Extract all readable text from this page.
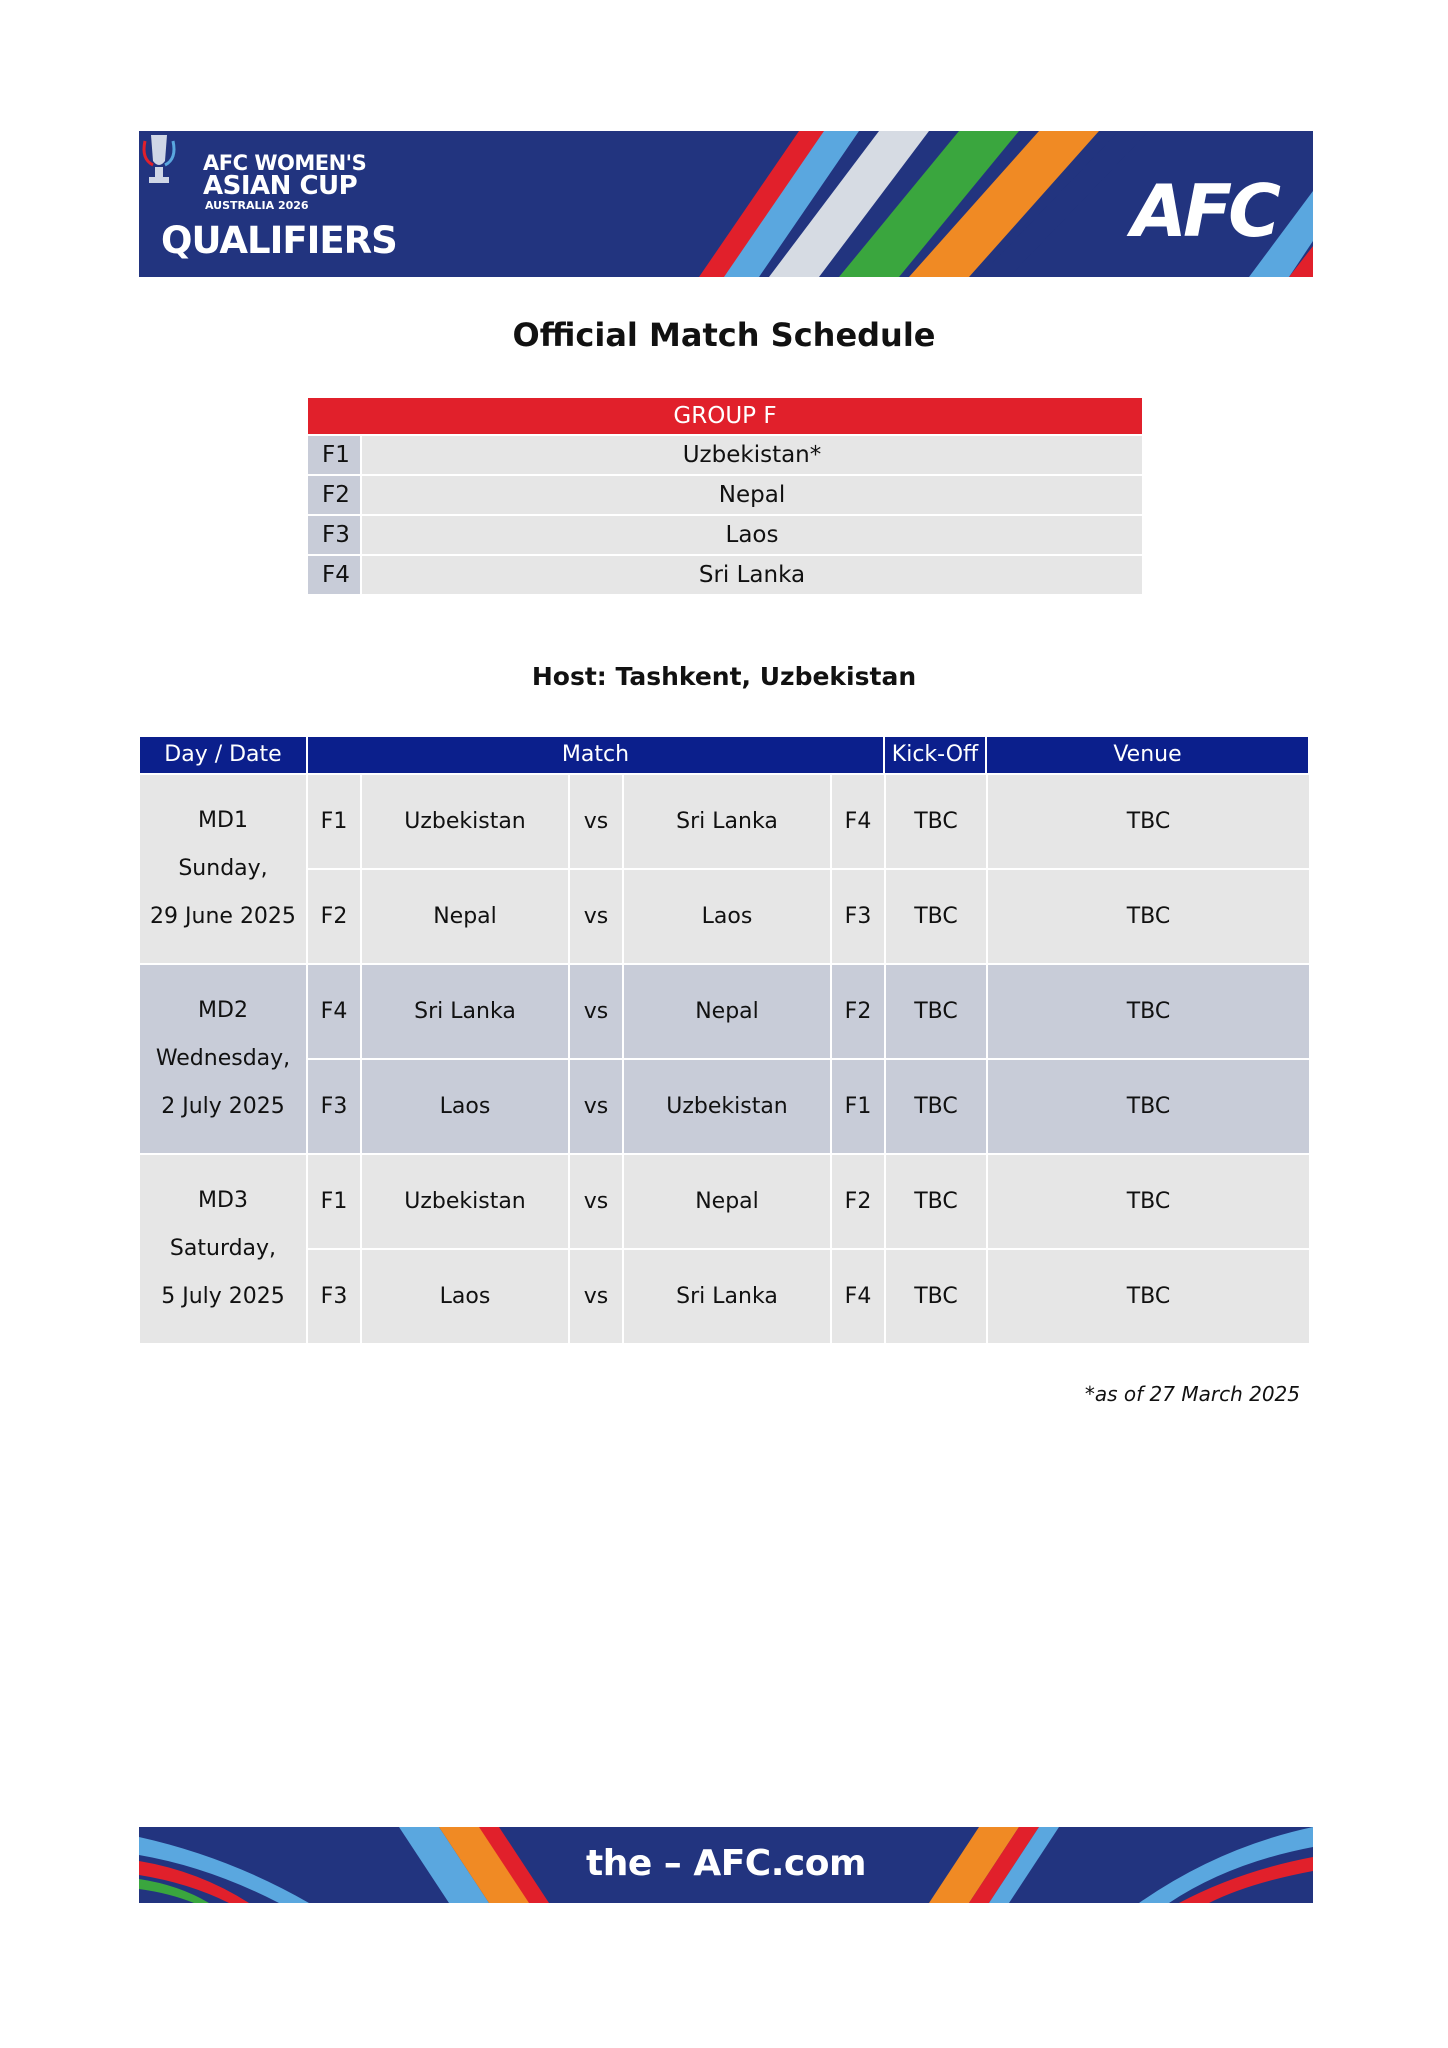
AFC WOMEN'S
ASIAN CUP
AUSTRALIA 2026
QUALIFIERS	AFC
Official Match Schedule
GROUP F
F1	Uzbekistan*
F2	Nepal
F3	Laos
F4	Sri Lanka
Host: Tashkent, Uzbekistan
Day / Date	Match	Kick-Off	Venue
MD1
Sunday,
29 June 2025
F1	Uzbekistan	vs	Sri Lanka	F4	TBC	TBC
F2	Nepal	vs	Laos	F3	TBC	TBC
MD2
Wednesday,
2 July 2025
F4	Sri Lanka	vs	Nepal	F2	TBC	TBC
F3	Laos	vs	Uzbekistan	F1	TBC	TBC
MD3
Saturday,
5 July 2025
F1	Uzbekistan	vs	Nepal	F2	TBC	TBC
F3	Laos	vs	Sri Lanka	F4	TBC	TBC
*as of 27 March 2025
the – AFC.com
